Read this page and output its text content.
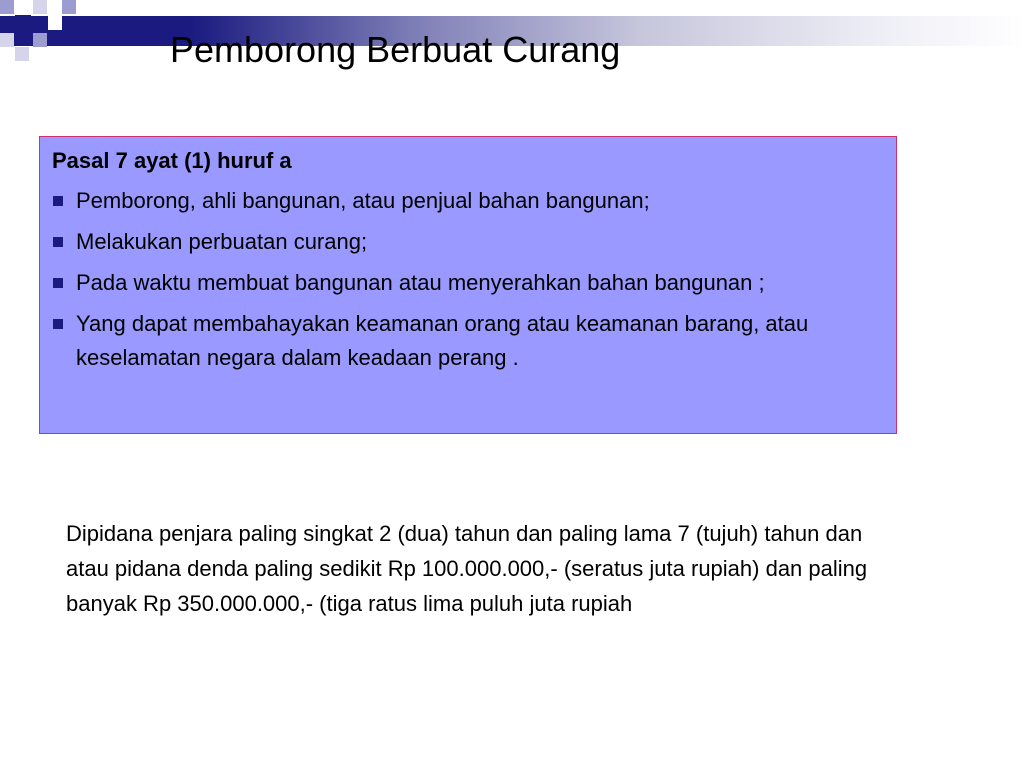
Pemborong Berbuat Curang
Pasal 7 ayat (1) huruf a
Pemborong, ahli bangunan, atau penjual bahan bangunan;
Melakukan perbuatan curang;
Pada waktu membuat bangunan atau menyerahkan bahan bangunan ;
Yang dapat membahayakan keamanan orang atau keamanan barang, atau keselamatan negara dalam keadaan perang .

Dipidana penjara paling singkat 2 (dua) tahun dan paling lama 7 (tujuh) tahun dan atau pidana denda paling sedikit Rp 100.000.000,- (seratus juta rupiah) dan paling banyak Rp 350.000.000,- (tiga ratus lima puluh juta rupiah
